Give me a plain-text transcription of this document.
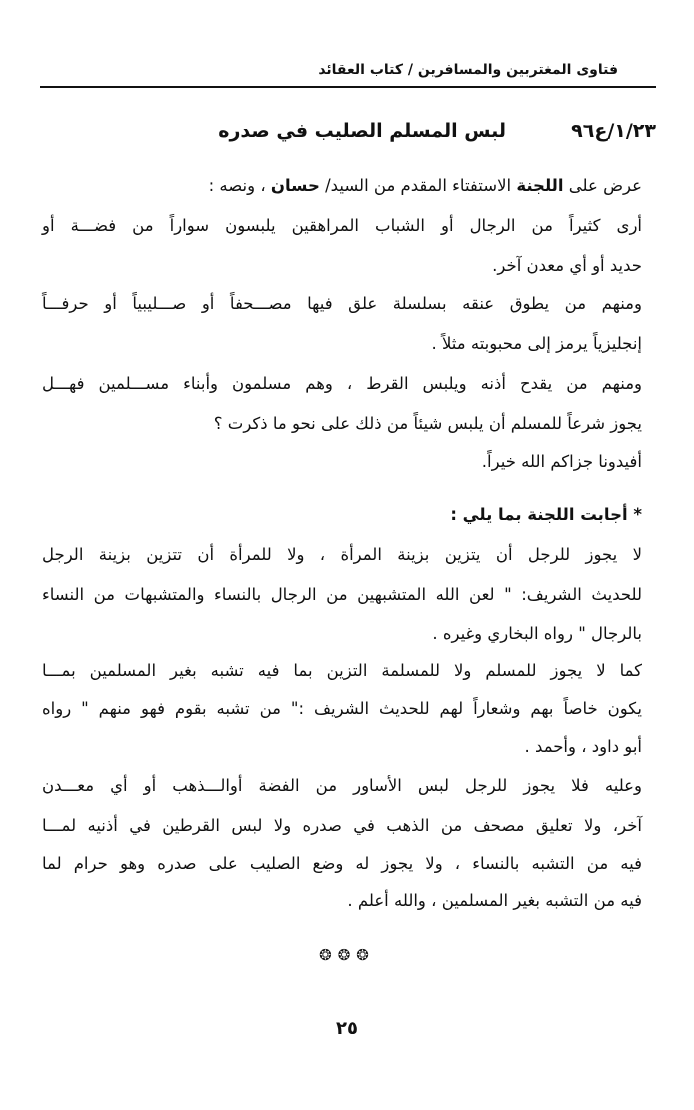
فتاوى المغتربين والمسافرين / كتاب العقائد
١/٢٣/ع٩٦
لبس المسلم الصليب في صدره
عرض على اللجنة الاستفتاء المقدم من السيد/ حسان ، ونصه :
أرى كثيراً من الرجال أو الشباب المراهقين يلبسون سواراً من فضـــة أو
حديد أو أي معدن آخر.
ومنهم من يطوق عنقه بسلسلة علق فيها مصـــحفاً أو صـــليبياً أو حرفـــاً
إنجليزياً يرمز إلى محبوبته مثلاً .
ومنهم من يقدح أذنه ويلبس القرط ، وهم مسلمون وأبناء مســـلمين فهـــل
يجوز شرعاً للمسلم أن يلبس شيئاً من ذلك على نحو ما ذكرت ؟
أفيدونا جزاكم الله خيراً.
* أجابت اللجنة بما يلي :
لا يجوز للرجل أن يتزين بزينة المرأة ، ولا للمرأة أن تتزين بزينة الرجل
للحديث الشريف: " لعن الله المتشبهين من الرجال بالنساء والمتشبهات من النساء
بالرجال " رواه البخاري وغيره .
كما لا يجوز للمسلم ولا للمسلمة التزين بما فيه تشبه بغير المسلمين بمـــا
يكون خاصاً بهم وشعاراً لهم للحديث الشريف :" من تشبه بقوم فهو منهم " رواه
أبو داود ، وأحمد .
وعليه فلا يجوز للرجل لبس الأساور من الفضة أوالـــذهب أو أي معـــدن
آخر، ولا تعليق مصحف من الذهب في صدره ولا لبس القرطين في أذنيه لمـــا
فيه من التشبه بالنساء ، ولا يجوز له وضع الصليب على صدره وهو حرام لما
فيه من التشبه بغير المسلمين ، والله أعلم .
❂❂❂
٢٥
